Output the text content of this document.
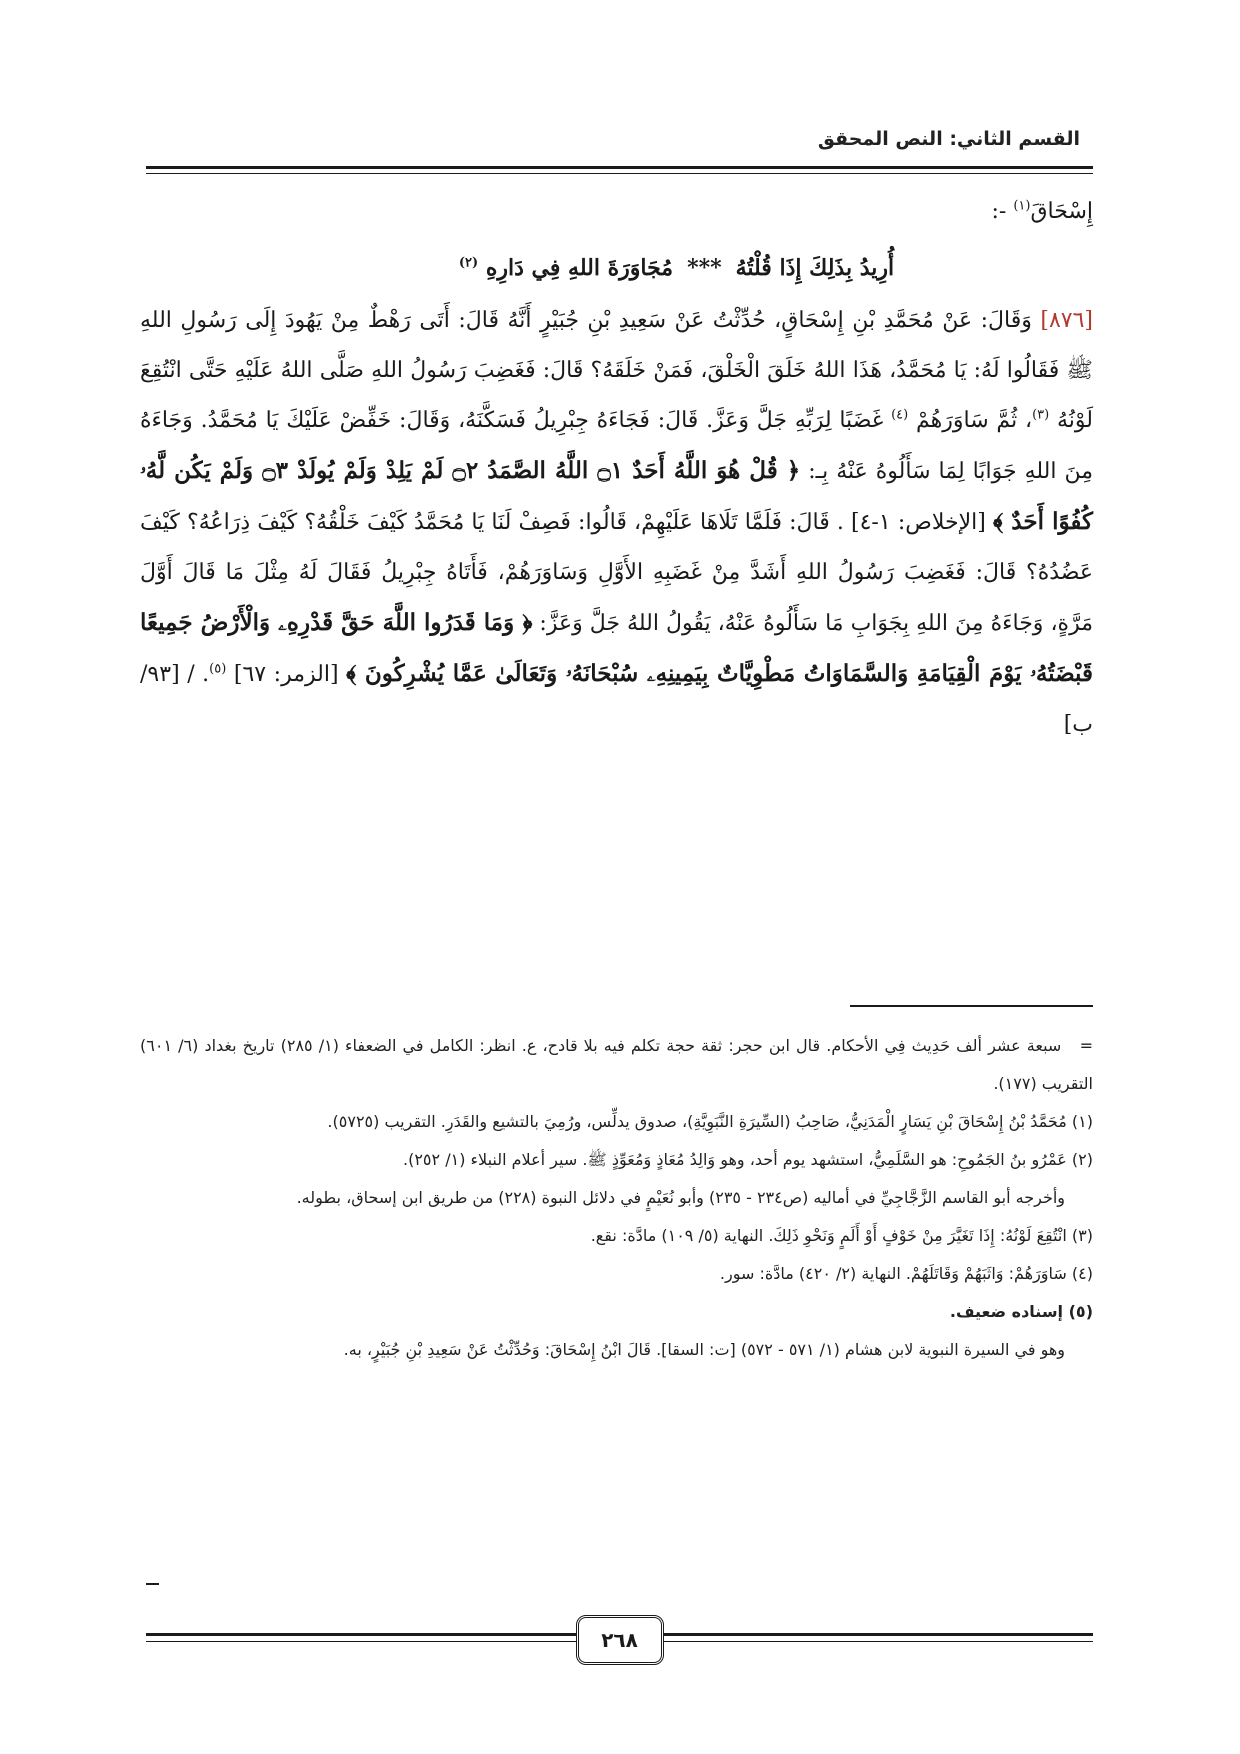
القسم الثاني: النص المحقق

إِسْحَاقَ$^{(١)}$ -:

أُرِيدُ بِذَلِكَ إِذَا قُلْتُهُ***مُجَاوَرَةَ اللهِ فِي دَارِهِ $^{(٢)}$

[٨٧٦] وَقَالَ: عَنْ مُحَمَّدِ بْنِ إِسْحَاقٍ، حُدِّثْتُ عَنْ سَعِيدِ بْنِ جُبَيْرٍ أَنَّهُ قَالَ: أَتَى رَهْطٌ مِنْ يَهُودَ إِلَى رَسُولِ اللهِ ﷺ فَقَالُوا لَهُ: يَا مُحَمَّدُ، هَذَا اللهُ خَلَقَ الْخَلْقَ، فَمَنْ خَلَقَهُ؟ قَالَ: فَغَضِبَ رَسُولُ اللهِ صَلَّى اللهُ عَلَيْهِ حَتَّى انْتُقِعَ لَوْنُهُ $^{(٣)}$، ثُمَّ سَاوَرَهُمْ $^{(٤)}$ غَضَبًا لِرَبِّهِ جَلَّ وَعَزَّ. قَالَ: فَجَاءَهُ جِبْرِيلُ فَسَكَّنَهُ، وَقَالَ: خَفِّضْ عَلَيْكَ يَا مُحَمَّدُ. وَجَاءَهُ مِنَ اللهِ جَوَابًا لِمَا سَأَلُوهُ عَنْهُ بِـ: ﴿ قُلْ هُوَ اللَّهُ أَحَدٌ ۝١ اللَّهُ الصَّمَدُ ۝٢ لَمْ يَلِدْ وَلَمْ يُولَدْ ۝٣ وَلَمْ يَكُن لَّهُۥ كُفُوًا أَحَدٌ ﴾ [الإخلاص: ١-٤] . قَالَ: فَلَمَّا تَلَاهَا عَلَيْهِمْ، قَالُوا: فَصِفْ لَنَا يَا مُحَمَّدُ كَيْفَ خَلْقُهُ؟ كَيْفَ ذِرَاعُهُ؟ كَيْفَ عَضُدُهُ؟ قَالَ: فَغَضِبَ رَسُولُ اللهِ أَشَدَّ مِنْ غَضَبِهِ الأَوَّلِ وَسَاوَرَهُمْ، فَأَتَاهُ جِبْرِيلُ فَقَالَ لَهُ مِثْلَ مَا قَالَ أَوَّلَ مَرَّةٍ، وَجَاءَهُ مِنَ اللهِ بِجَوَابِ مَا سَأَلُوهُ عَنْهُ، يَقُولُ اللهُ جَلَّ وَعَزَّ: ﴿ وَمَا قَدَرُوا اللَّهَ حَقَّ قَدْرِهِۦ وَالْأَرْضُ جَمِيعًا قَبْضَتُهُۥ يَوْمَ الْقِيَامَةِ وَالسَّمَاوَاتُ مَطْوِيَّاتٌ بِيَمِينِهِۦ سُبْحَانَهُۥ وَتَعَالَىٰ عَمَّا يُشْرِكُونَ ﴾ [الزمر: ٦٧] $^{(٥)}$. / [٩٣/ ب]

=   سبعة عشر ألف حَدِيث فِي الأحكام. قال ابن حجر: ثقة حجة تكلم فيه بلا قادح، ع. انظر: الكامل في الضعفاء (١/ ٢٨٥) تاريخ بغداد (٦/ ٦٠١) التقريب (١٧٧).

(١) مُحَمَّدُ بْنُ إِسْحَاقَ بْنِ يَسَارٍ الْمَدَنِيُّ، صَاحِبُ (السِّيرَةِ النَّبَوِيَّةِ)، صدوق يدلِّس، ورُمِيَ بالتشيع والقَدَرِ. التقريب (٥٧٢٥).

(٢) عَمْرُو بنُ الجَمُوحِ: هو السَّلَمِيُّ، استشهد يوم أحد، وهو وَالِدُ مُعَاذٍ وَمُعَوِّذٍ ﷺ. سير أعلام النبلاء (١/ ٢٥٢).

وأخرجه أبو القاسم الزَّجَّاجِيِّ في أماليه (ص٢٣٤ - ٢٣٥) وأبو نُعَيْمٍ في دلائل النبوة (٢٢٨) من طريق ابن إسحاق، بطوله.

(٣) انْتُقِعَ لَوْنُهُ: إِذَا تَغَيَّرَ مِنْ خَوْفٍ أَوْ أَلَمٍ وَنَحْوِ ذَلِكَ. النهاية (٥/ ١٠٩) مادَّة: نقع.

(٤) سَاوَرَهُمْ: وَاثَبَهُمْ وَقَاتَلَهُمْ. النهاية (٢/ ٤٢٠) مادَّة: سور.

(٥) إسناده ضعيف.

وهو في السيرة النبوية لابن هشام (١/ ٥٧١ - ٥٧٢) [ت: السقا]. قَالَ ابْنُ إِسْحَاقَ: وَحُدِّثْتُ عَنْ سَعِيدِ بْنِ جُبَيْرٍ، به.

٢٦٨
